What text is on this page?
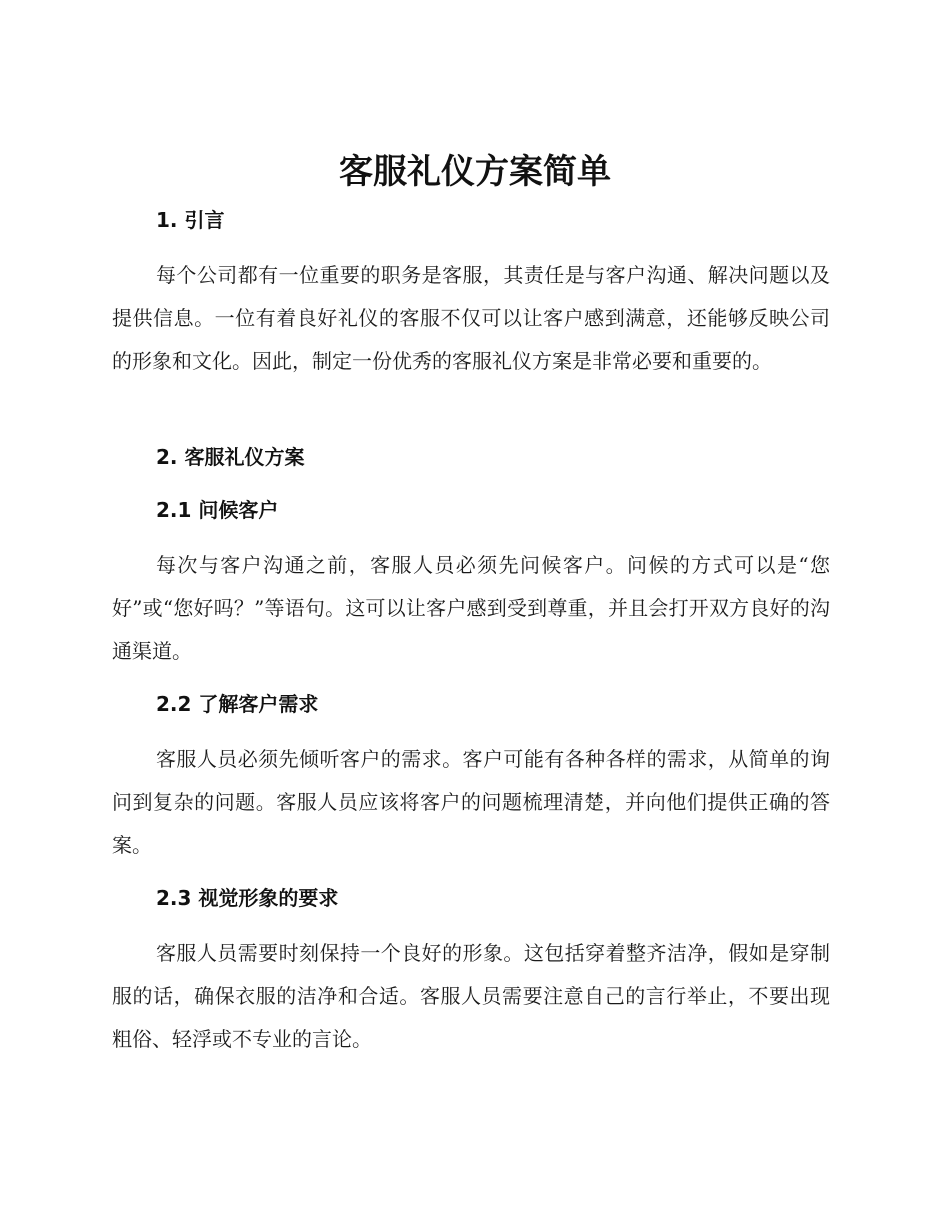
客服礼仪方案简单
1. 引言

每个公司都有一位重要的职务是客服，其责任是与客户沟通、解决问题以及提供信息。一位有着良好礼仪的客服不仅可以让客户感到满意，还能够反映公司的形象和文化。因此，制定一份优秀的客服礼仪方案是非常必要和重要的。

2. 客服礼仪方案
2.1 问候客户

每次与客户沟通之前，客服人员必须先问候客户。问候的方式可以是“您好”或“您好吗？”等语句。这可以让客户感到受到尊重，并且会打开双方良好的沟通渠道。

2.2 了解客户需求

客服人员必须先倾听客户的需求。客户可能有各种各样的需求，从简单的询问到复杂的问题。客服人员应该将客户的问题梳理清楚，并向他们提供正确的答案。

2.3 视觉形象的要求

客服人员需要时刻保持一个良好的形象。这包括穿着整齐洁净，假如是穿制服的话，确保衣服的洁净和合适。客服人员需要注意自己的言行举止，不要出现粗俗、轻浮或不专业的言论。
